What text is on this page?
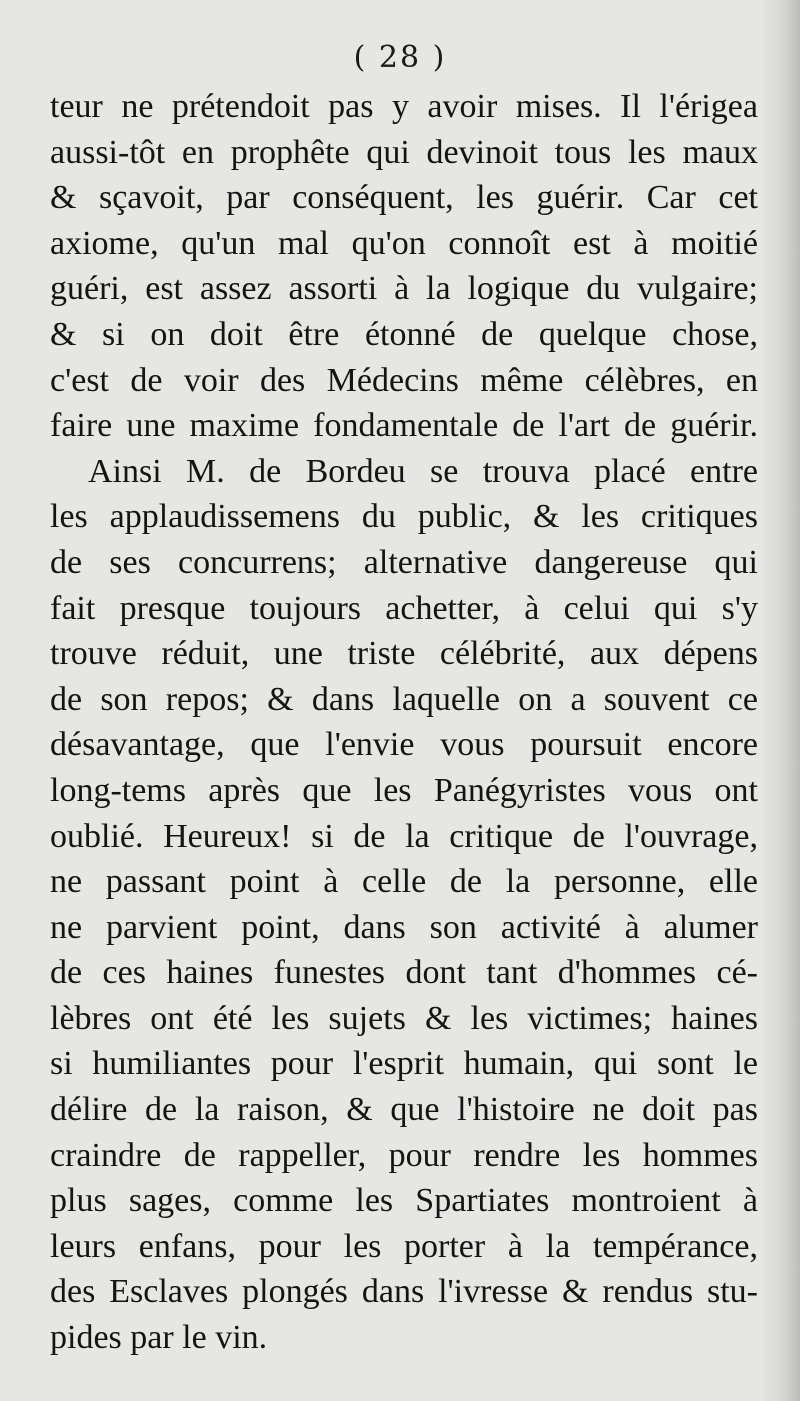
( 28 )
teur ne prétendoit pas y avoir mises. Il l'érigea
aussi-tôt en prophête qui devinoit tous les maux
& sçavoit, par conséquent, les guérir. Car cet
axiome, qu'un mal qu'on connoît est à moitié
guéri, est assez assorti à la logique du vulgaire;
& si on doit être étonné de quelque chose,
c'est de voir des Médecins même célèbres, en
faire une maxime fondamentale de l'art de guérir.
Ainsi M. de Bordeu se trouva placé entre
les applaudissemens du public, & les critiques
de ses concurrens; alternative dangereuse qui
fait presque toujours achetter, à celui qui s'y
trouve réduit, une triste célébrité, aux dépens
de son repos; & dans laquelle on a souvent ce
désavantage, que l'envie vous poursuit encore
long-tems après que les Panégyristes vous ont
oublié. Heureux! si de la critique de l'ouvrage,
ne passant point à celle de la personne, elle
ne parvient point, dans son activité à alumer
de ces haines funestes dont tant d'hommes cé-
lèbres ont été les sujets & les victimes; haines
si humiliantes pour l'esprit humain, qui sont le
délire de la raison, & que l'histoire ne doit pas
craindre de rappeller, pour rendre les hommes
plus sages, comme les Spartiates montroient à
leurs enfans, pour les porter à la tempérance,
des Esclaves plongés dans l'ivresse & rendus stu-
pides par le vin.
